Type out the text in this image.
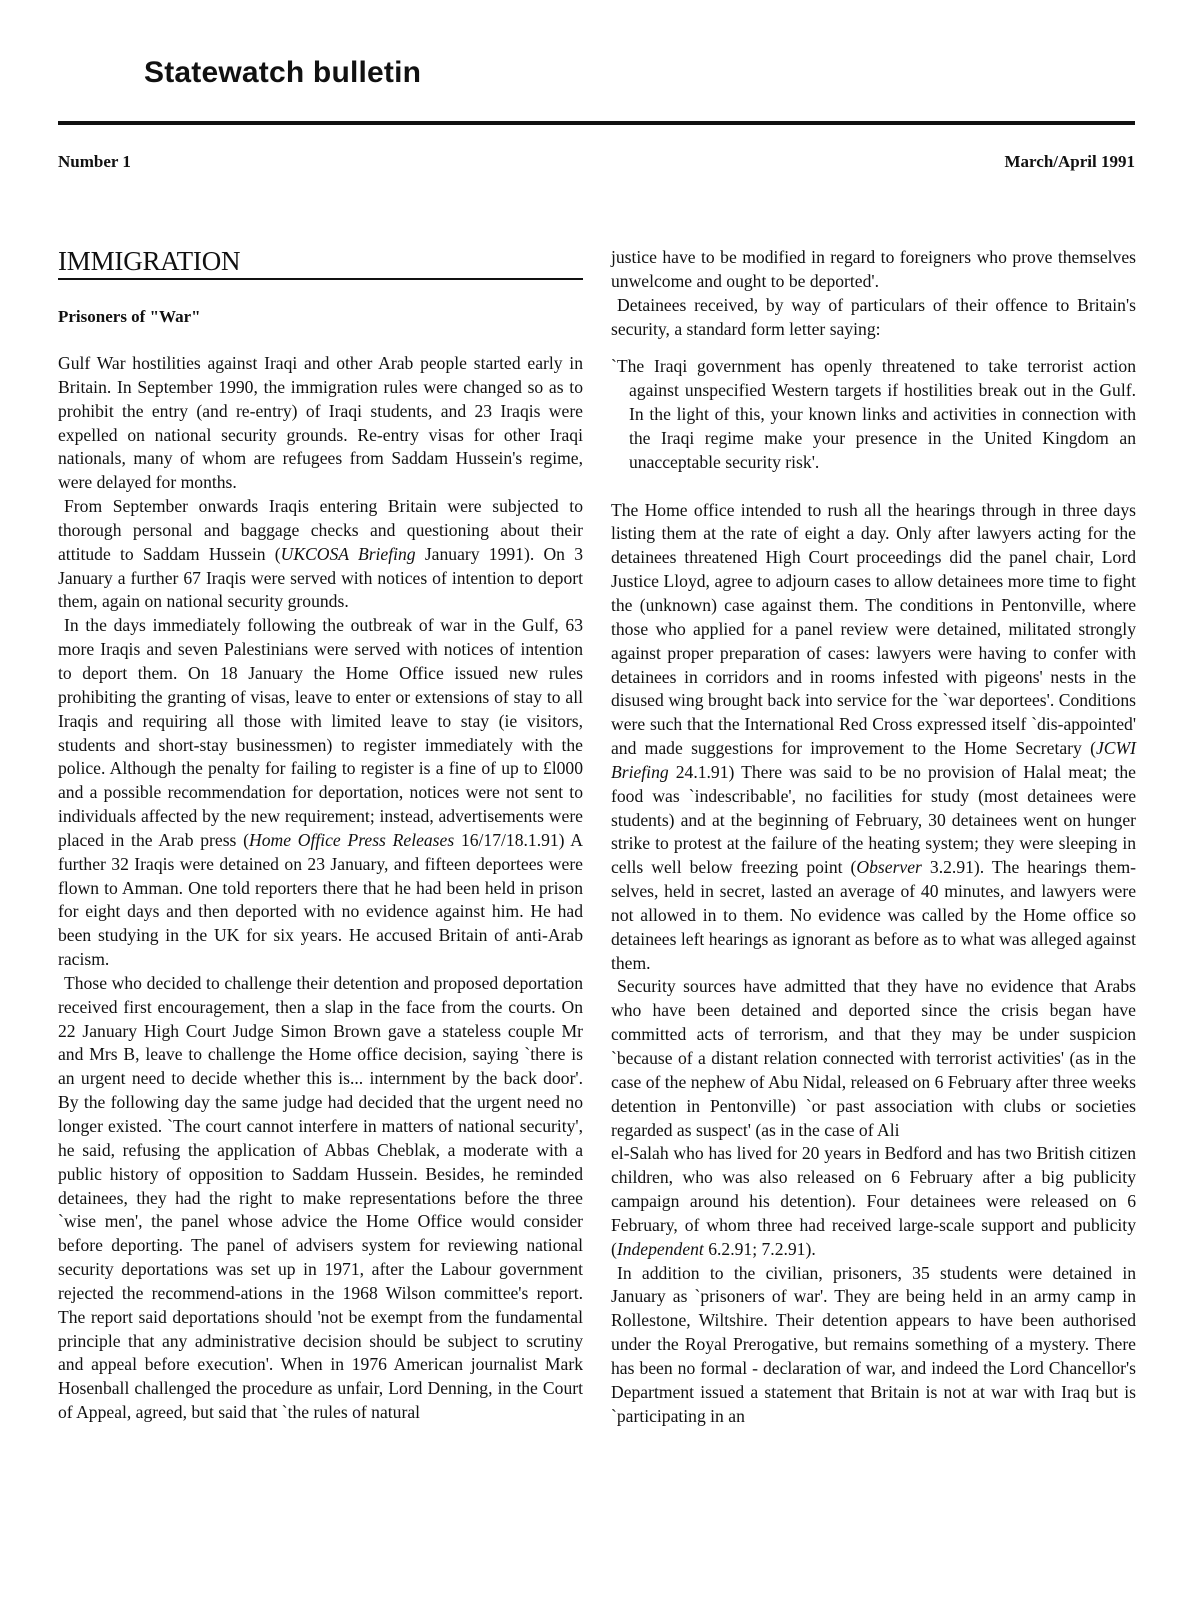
Statewatch bulletin
Number 1	March/April 1991
IMMIGRATION
Prisoners of "War"

Gulf War hostilities against Iraqi and other Arab people started early in Britain. In September 1990, the immigration rules were changed so as to prohibit the entry (and re-entry) of Iraqi students, and 23 Iraqis were expelled on national security grounds. Re-entry visas for other Iraqi nationals, many of whom are refugees from Saddam Hussein's regime, were delayed for months.

From September onwards Iraqis entering Britain were subjected to thorough personal and baggage checks and questioning about their attitude to Saddam Hussein (UKCOSA Briefing January 1991). On 3 January a further 67 Iraqis were served with notices of intention to deport them, again on national security grounds.

In the days immediately following the outbreak of war in the Gulf, 63 more Iraqis and seven Palestinians were served with notices of intention to deport them. On 18 January the Home Office issued new rules prohibiting the granting of visas, leave to enter or extensions of stay to all Iraqis and requiring all those with limited leave to stay (ie visitors, students and short-stay businessmen) to register immediately with the police. Although the penalty for failing to register is a fine of up to £l000 and a possible recommendation for deportation, notices were not sent to individuals affected by the new requirement; instead, advertisements were placed in the Arab press (Home Office Press Releases 16/17/18.1.91) A further 32 Iraqis were detained on 23 January, and fifteen deportees were flown to Amman. One told reporters there that he had been held in prison for eight days and then deported with no evidence against him. He had been studying in the UK for six years. He accused Britain of anti-Arab racism.

Those who decided to challenge their detention and proposed deportation received first encouragement, then a slap in the face from the courts. On 22 January High Court Judge Simon Brown gave a stateless couple Mr and Mrs B, leave to challenge the Home office decision, saying `there is an urgent need to decide whether this is... internment by the back door'. By the following day the same judge had decided that the urgent need no longer existed. `The court cannot interfere in matters of national security', he said, refusing the application of Abbas Cheblak, a moderate with a public history of opposition to Saddam Hussein. Besides, he reminded detainees, they had the right to make representations before the three `wise men', the panel whose advice the Home Office would consider before deporting. The panel of advisers system for reviewing national security deportations was set up in 1971, after the Labour government rejected the recommend-ations in the 1968 Wilson committee's report. The report said deportations should 'not be exempt from the fundamental principle that any administrative decision should be subject to scrutiny and appeal before execution'. When in 1976 American journalist Mark Hosenball challenged the procedure as unfair, Lord Denning, in the Court of Appeal, agreed, but said that `the rules of natural

justice have to be modified in regard to foreigners who prove themselves unwelcome and ought to be deported'.

Detainees received, by way of particulars of their offence to Britain's security, a standard form letter saying:

`The Iraqi government has openly threatened to take terrorist action against unspecified Western targets if hostilities break out in the Gulf. In the light of this, your known links and activities in connection with the Iraqi regime make your presence in the United Kingdom an unacceptable security risk'.

The Home office intended to rush all the hearings through in three days listing them at the rate of eight a day. Only after lawyers acting for the detainees threatened High Court proceedings did the panel chair, Lord Justice Lloyd, agree to adjourn cases to allow detainees more time to fight the (unknown) case against them. The conditions in Pentonville, where those who applied for a panel review were detained, militated strongly against proper preparation of cases: lawyers were having to confer with detainees in corridors and in rooms infested with pigeons' nests in the disused wing brought back into service for the `war deportees'. Conditions were such that the International Red Cross expressed itself `dis-appointed' and made suggestions for improvement to the Home Secretary (JCWI Briefing 24.1.91) There was said to be no provision of Halal meat; the food was `indescribable', no facilities for study (most detainees were students) and at the beginning of February, 30 detainees went on hunger strike to protest at the failure of the heating system; they were sleeping in cells well below freezing point (Observer 3.2.91). The hearings them-selves, held in secret, lasted an average of 40 minutes, and lawyers were not allowed in to them. No evidence was called by the Home office so detainees left hearings as ignorant as before as to what was alleged against them.

Security sources have admitted that they have no evidence that Arabs who have been detained and deported since the crisis began have committed acts of terrorism, and that they may be under suspicion `because of a distant relation connected with terrorist activities' (as in the case of the nephew of Abu Nidal, released on 6 February after three weeks detention in Pentonville) `or past association with clubs or societies regarded as suspect' (as in the case of Ali

el-Salah who has lived for 20 years in Bedford and has two British citizen children, who was also released on 6 February after a big publicity campaign around his detention). Four detainees were released on 6 February, of whom three had received large-scale support and publicity (Independent 6.2.91; 7.2.91).

In addition to the civilian, prisoners, 35 students were detained in January as `prisoners of war'. They are being held in an army camp in Rollestone, Wiltshire. Their detention appears to have been authorised under the Royal Prerogative, but remains something of a mystery. There has been no formal - declaration of war, and indeed the Lord Chancellor's Department issued a statement that Britain is not at war with Iraq but is `participating in an
